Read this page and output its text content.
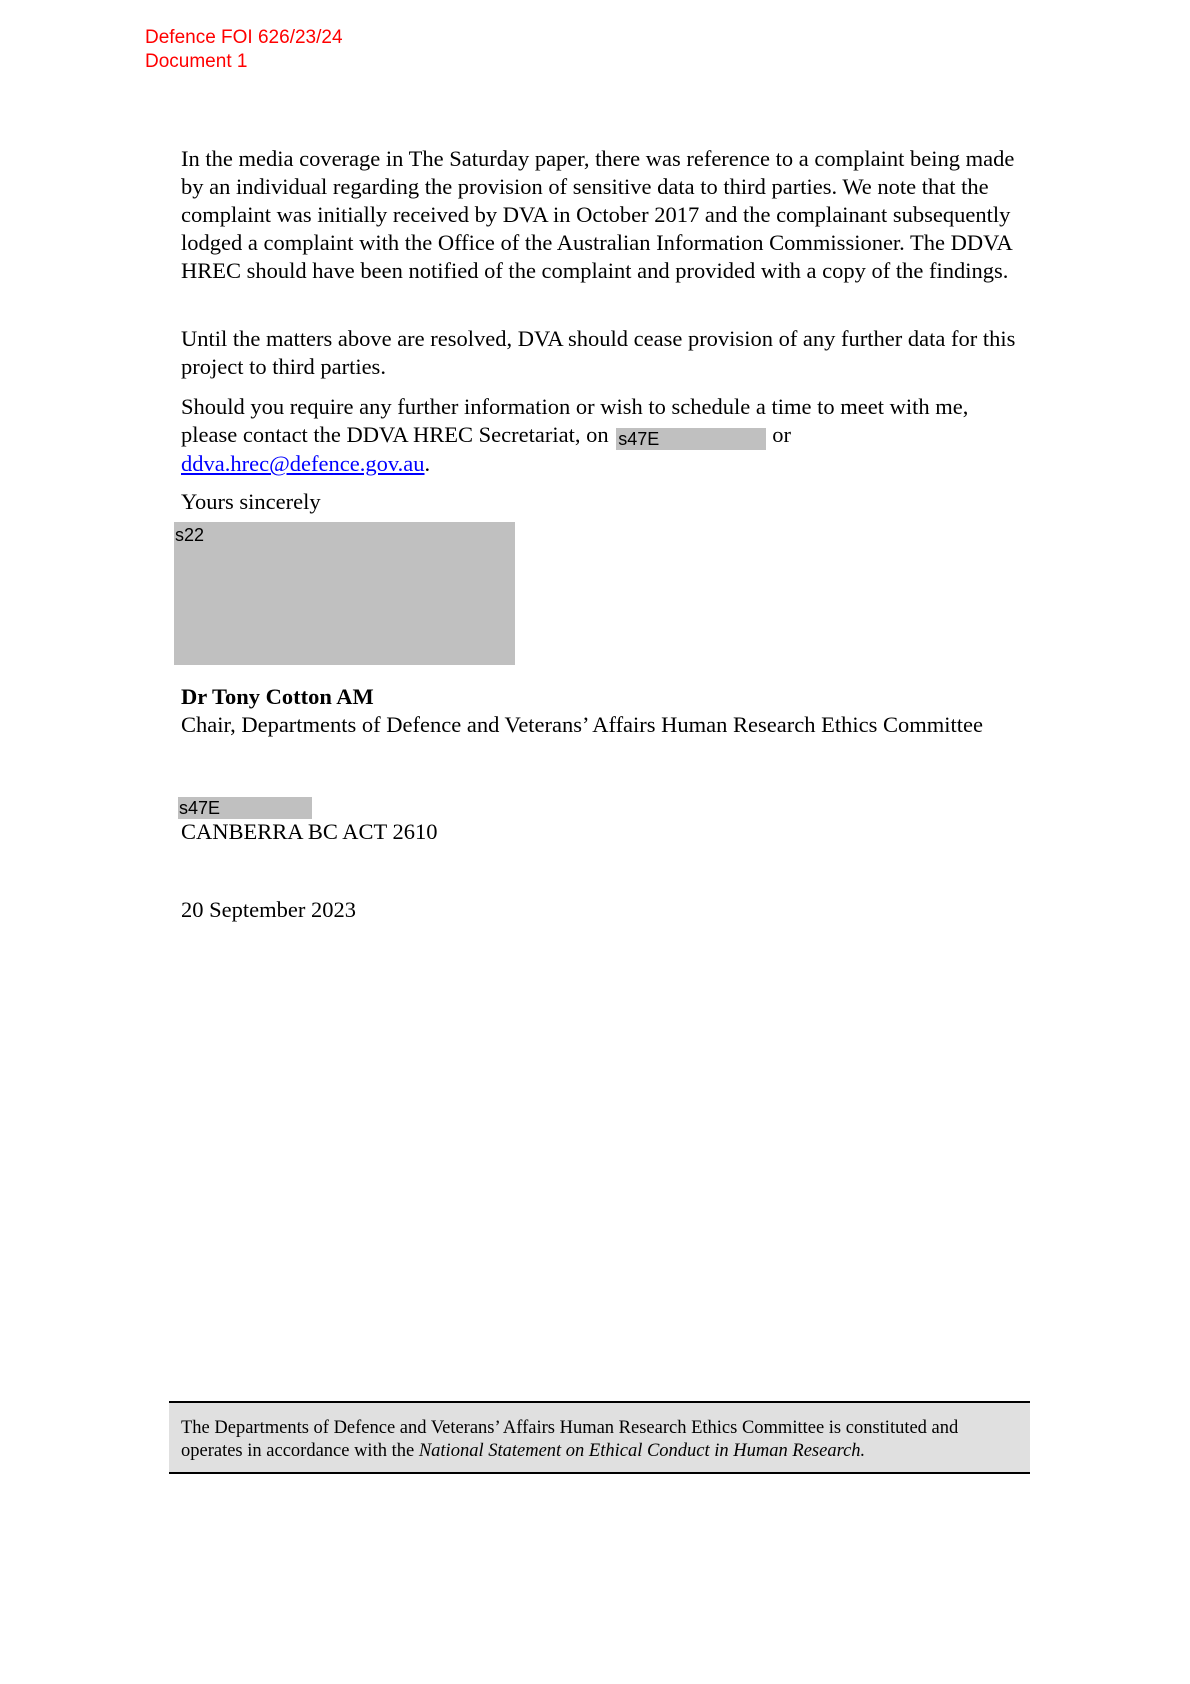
Defence FOI 626/23/24
Document 1

In the media coverage in The Saturday paper, there was reference to a complaint being made by an individual regarding the provision of sensitive data to third parties. We note that the complaint was initially received by DVA in October 2017 and the complainant subsequently lodged a complaint with the Office of the Australian Information Commissioner. The DDVA HREC should have been notified of the complaint and provided with a copy of the findings.

Until the matters above are resolved, DVA should cease provision of any further data for this project to third parties.

Should you require any further information or wish to schedule a time to meet with me, please contact the DDVA HREC Secretariat, on s47E	or
ddva.hrec@defence.gov.au.

Yours sincerely
s22
Dr Tony Cotton AM
Chair, Departments of Defence and Veterans’ Affairs Human Research Ethics Committee
s47E
CANBERRA BC ACT 2610
20 September 2023
The Departments of Defence and Veterans’ Affairs Human Research Ethics Committee is constituted and operates in accordance with the National Statement on Ethical Conduct in Human Research.
